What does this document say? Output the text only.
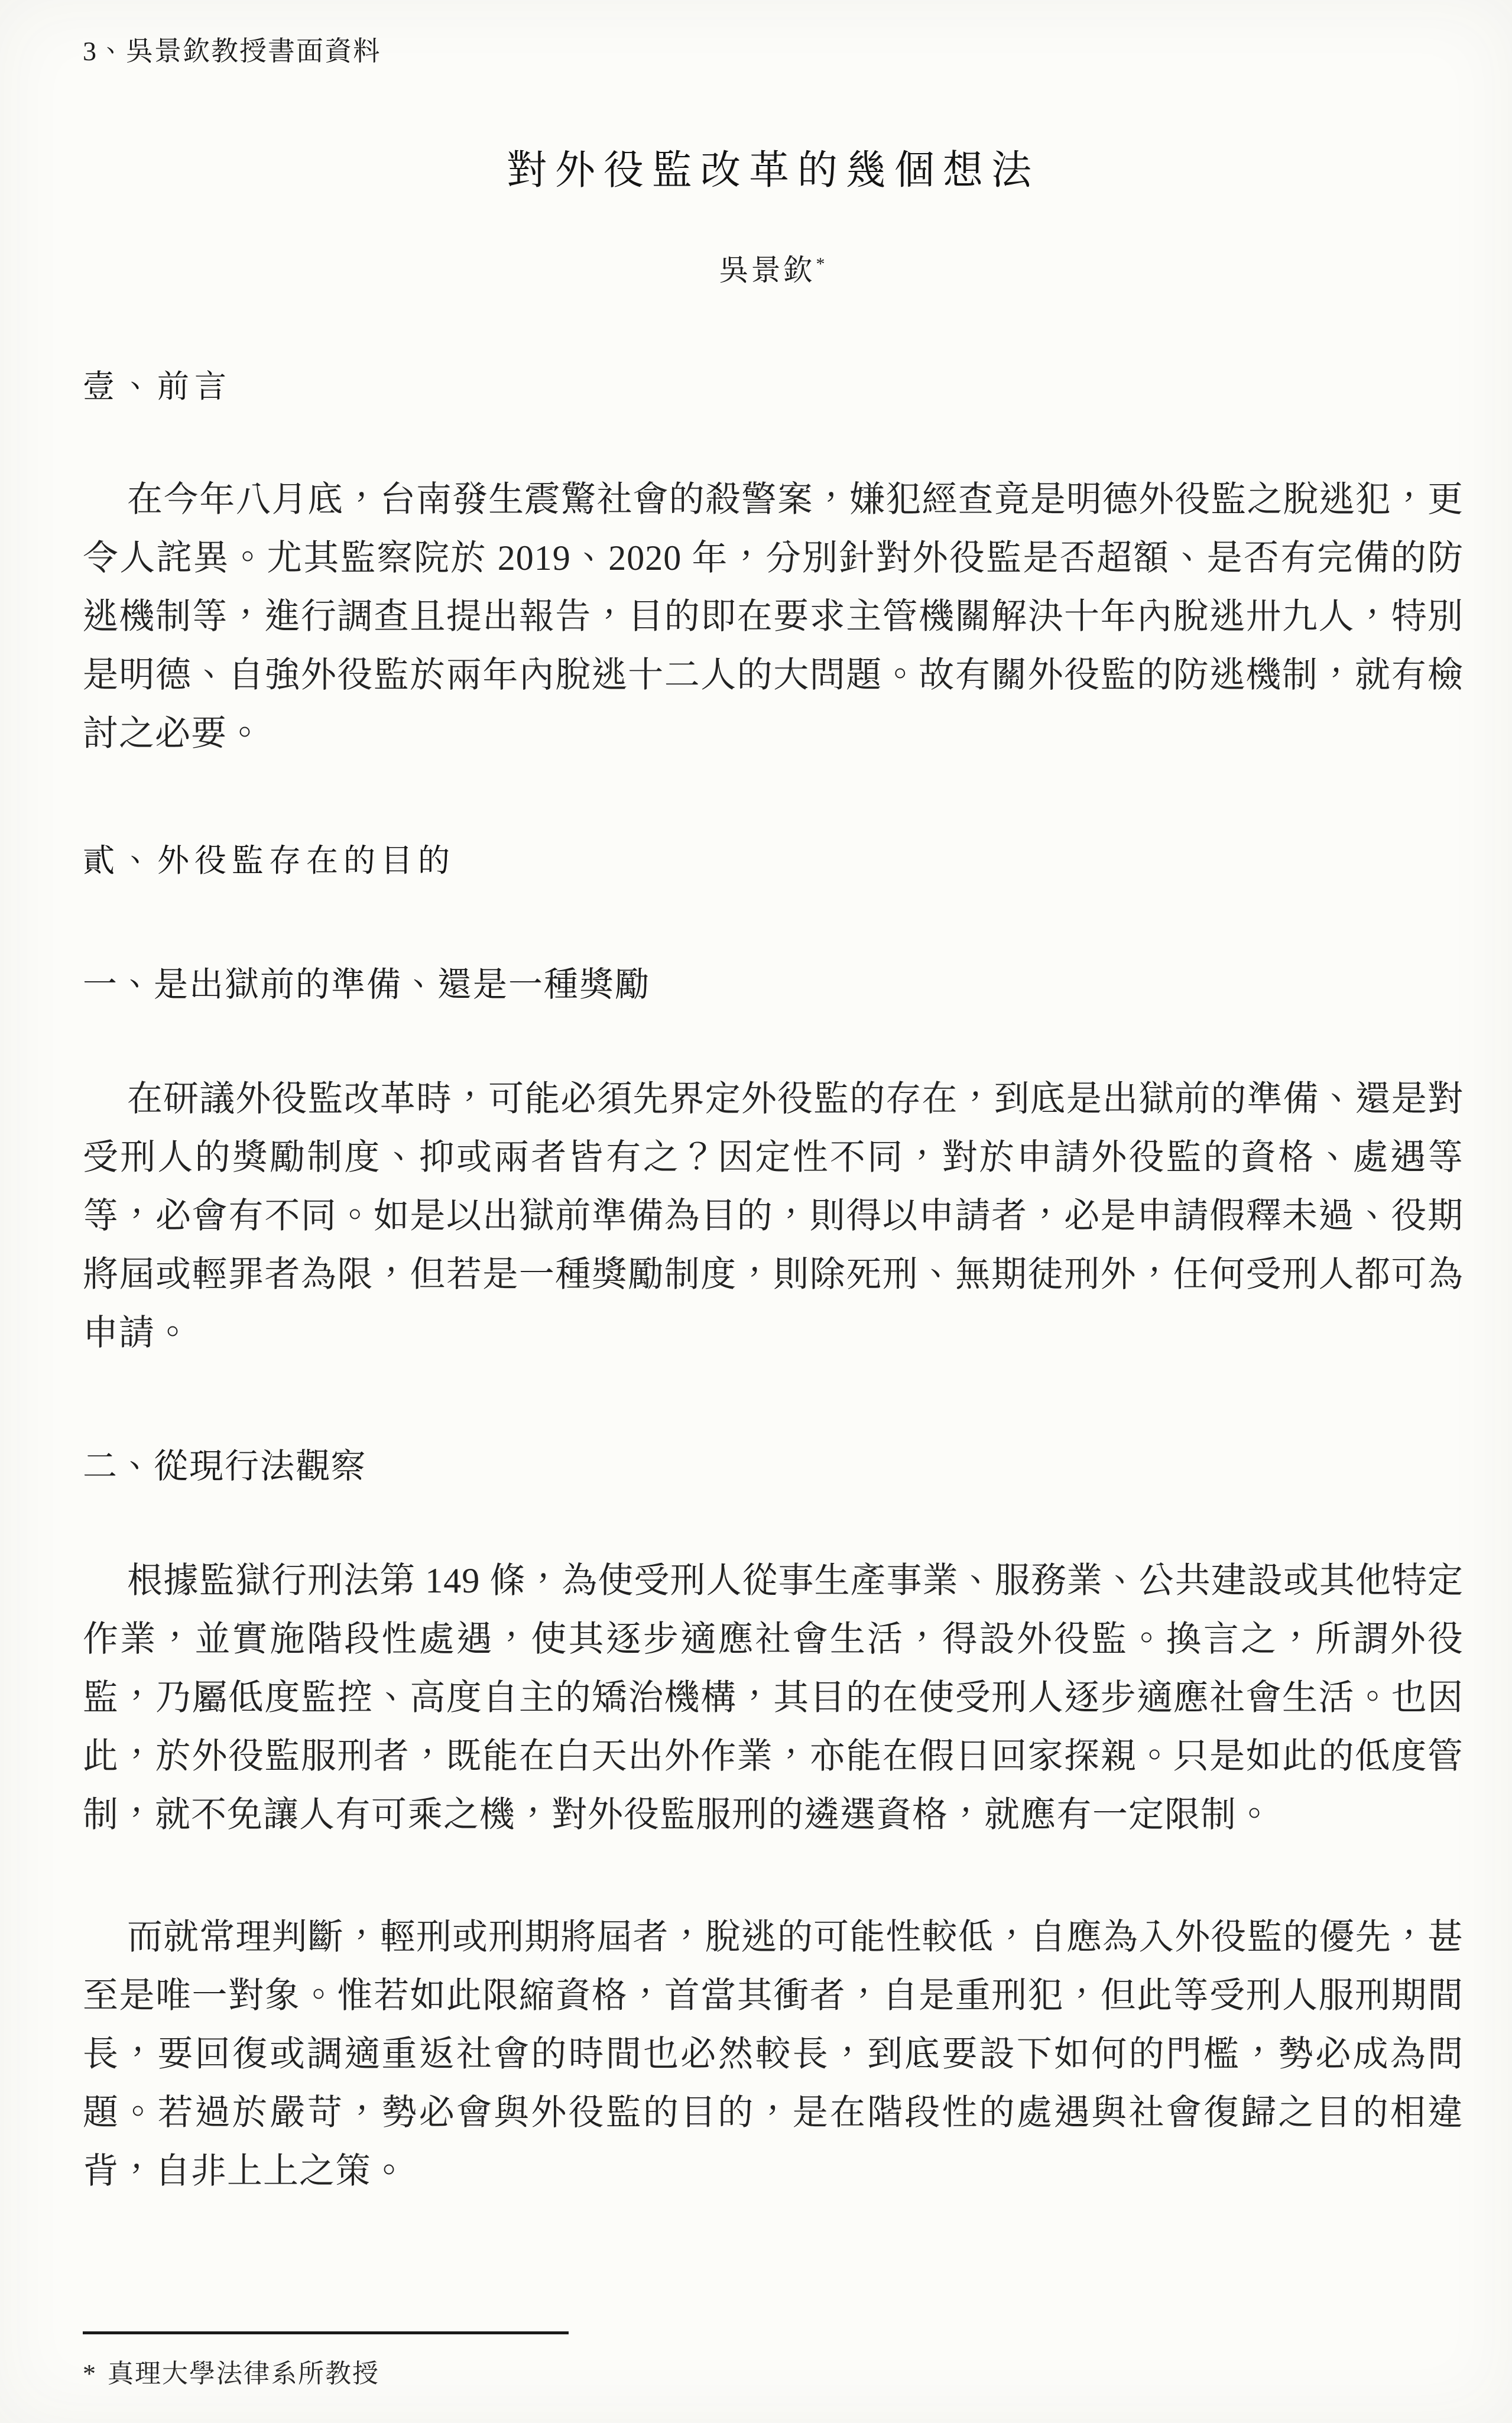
3、吳景欽教授書面資料
對外役監改革的幾個想法
吳景欽*
壹、前言

在今年八月底，台南發生震驚社會的殺警案，嫌犯經查竟是明德外役監之脫逃犯，更令人詫異。尤其監察院於 2019、2020 年，分別針對外役監是否超額、是否有完備的防逃機制等，進行調查且提出報告，目的即在要求主管機關解決十年內脫逃卅九人，特別是明德、自強外役監於兩年內脫逃十二人的大問題。故有關外役監的防逃機制，就有檢討之必要。

貳、外役監存在的目的
一、是出獄前的準備、還是一種獎勵

在研議外役監改革時，可能必須先界定外役監的存在，到底是出獄前的準備、還是對受刑人的獎勵制度、抑或兩者皆有之？因定性不同，對於申請外役監的資格、處遇等等，必會有不同。如是以出獄前準備為目的，則得以申請者，必是申請假釋未過、役期將屆或輕罪者為限，但若是一種獎勵制度，則除死刑、無期徒刑外，任何受刑人都可為申請。

二、從現行法觀察

根據監獄行刑法第 149 條，為使受刑人從事生產事業、服務業、公共建設或其他特定作業，並實施階段性處遇，使其逐步適應社會生活，得設外役監。換言之，所謂外役監，乃屬低度監控、高度自主的矯治機構，其目的在使受刑人逐步適應社會生活。也因此，於外役監服刑者，既能在白天出外作業，亦能在假日回家探親。只是如此的低度管制，就不免讓人有可乘之機，對外役監服刑的遴選資格，就應有一定限制。

而就常理判斷，輕刑或刑期將屆者，脫逃的可能性較低，自應為入外役監的優先，甚至是唯一對象。惟若如此限縮資格，首當其衝者，自是重刑犯，但此等受刑人服刑期間長，要回復或調適重返社會的時間也必然較長，到底要設下如何的門檻，勢必成為問題。若過於嚴苛，勢必會與外役監的目的，是在階段性的處遇與社會復歸之目的相違背，自非上上之策。

* 真理大學法律系所教授
